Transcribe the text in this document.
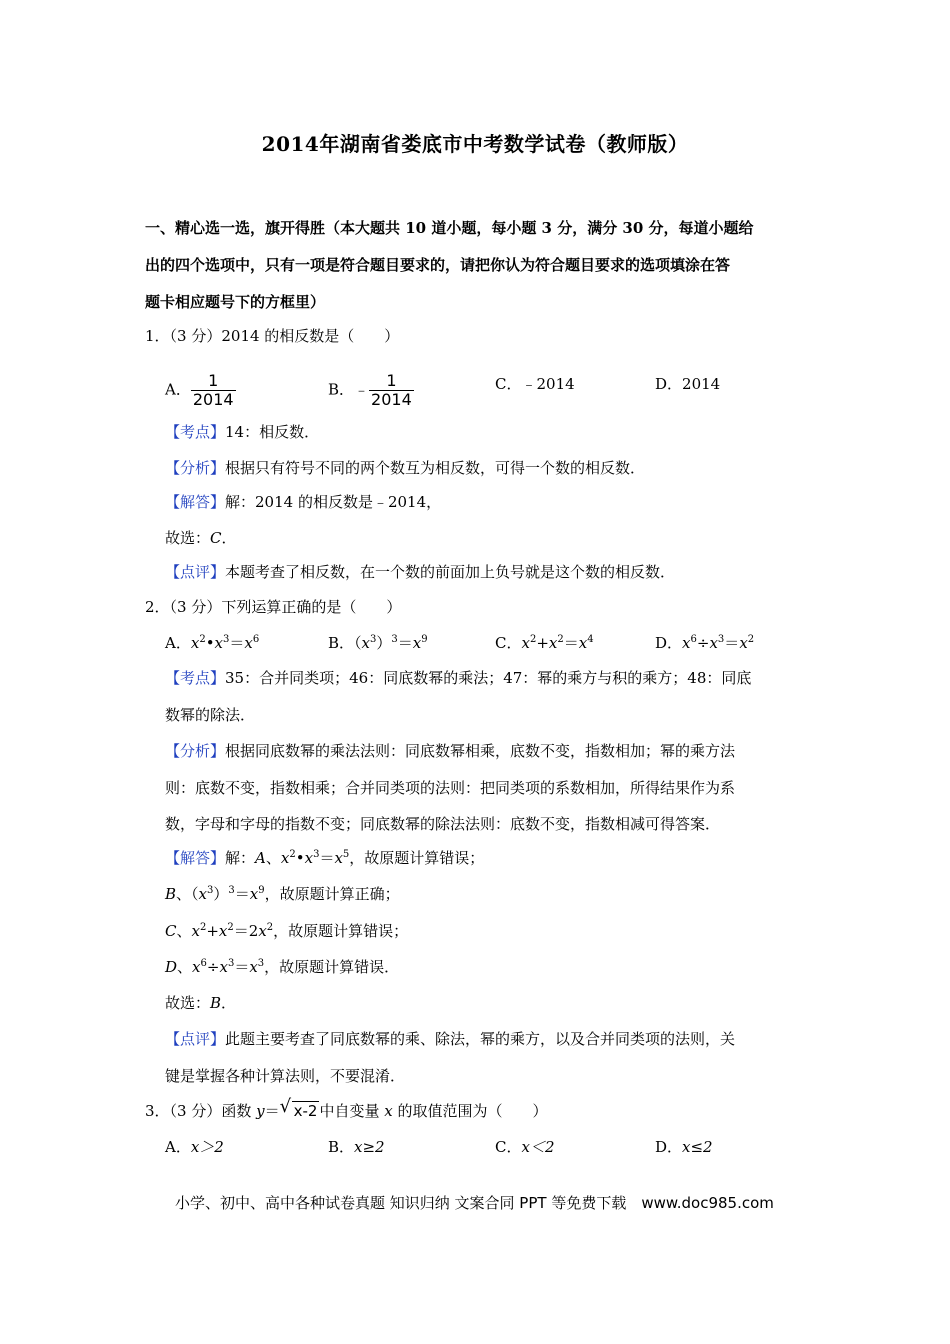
2014年湖南省娄底市中考数学试卷（教师版）
一、精心选一选，旗开得胜（本大题共 10 道小题，每小题 3 分，满分 30 分，每道小题给
出的四个选项中，只有一项是符合题目要求的，请把你认为符合题目要求的选项填涂在答
题卡相应题号下的方框里）
1．（3 分）2014 的相反数是（　　）
A． $\frac{1}{2014}$	B．﹣ $\frac{1}{2014}$	C．﹣2014	D．2014
【考点】14：相反数．
【分析】根据只有符号不同的两个数互为相反数，可得一个数的相反数．
【解答】解：2014 的相反数是﹣2014，
故选：C．
【点评】本题考查了相反数，在一个数的前面加上负号就是这个数的相反数．
2．（3 分）下列运算正确的是（　　）
A．$x^2•x^3=x^6$	B．$(x^3)^3=x^9$	C．$x^2+x^2=x^4$	D．$x^6\div x^3=x^2$
【考点】35：合并同类项；46：同底数幂的乘法；47：幂的乘方与积的乘方；48：同底
数幂的除法．
【分析】根据同底数幂的乘法法则：同底数幂相乘，底数不变，指数相加；幂的乘方法
则：底数不变，指数相乘；合并同类项的法则：把同类项的系数相加，所得结果作为系
数，字母和字母的指数不变；同底数幂的除法法则：底数不变，指数相减可得答案．
【解答】解：A、$x^2•x^3=x^5$，故原题计算错误；
B、$(x^3)^3=x^9$，故原题计算正确；
C、$x^2+x^2=2x^2$，故原题计算错误；
D、$x^6\div x^3=x^3$，故原题计算错误．
故选：B．
【点评】此题主要考查了同底数幂的乘、除法，幂的乘方，以及合并同类项的法则，关
键是掌握各种计算法则，不要混淆．
3．（3 分）函数 y＝ √ x-2 中自变量 x 的取值范围为（　　）
A．x＞2	B．x≥2	C．x＜2	D．x≤2
小学、初中、高中各种试卷真题 知识归纳 文案合同 PPT 等免费下载　www.doc985.com
